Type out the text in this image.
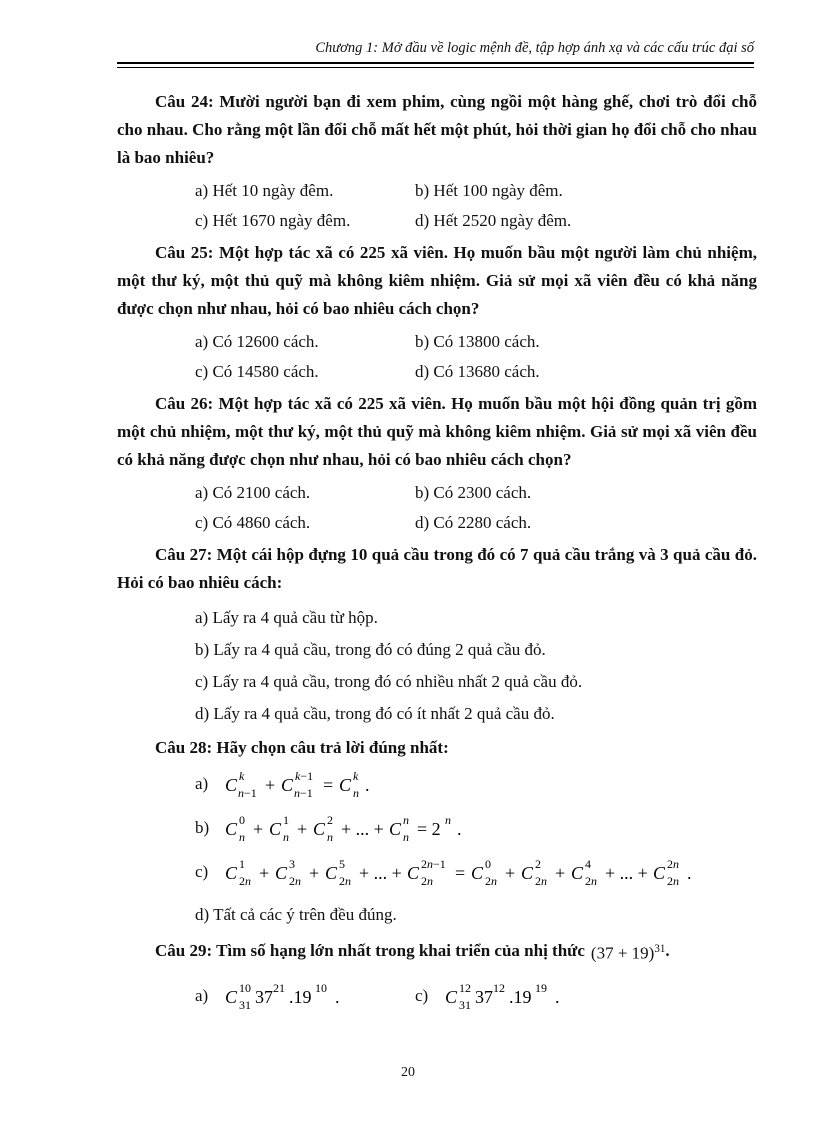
Chương 1: Mở đầu về logic mệnh đề, tập hợp ánh xạ và các cấu trúc đại số

Câu 24: Mười người bạn đi xem phim, cùng ngồi một hàng ghế, chơi trò đổi chỗ cho nhau. Cho rằng một lần đổi chỗ mất hết một phút, hỏi thời gian họ đổi chỗ cho nhau là bao nhiêu?

a) Hết 10 ngày đêm.	b) Hết 100 ngày đêm.
c) Hết 1670 ngày đêm.	d) Hết 2520 ngày đêm.

Câu 25: Một hợp tác xã có 225 xã viên. Họ muốn bầu một người làm chủ nhiệm, một thư ký, một thủ quỹ mà không kiêm nhiệm. Giả sử mọi xã viên đều có khả năng được chọn như nhau, hỏi có bao nhiêu cách chọn?

a) Có 12600 cách.	b) Có 13800 cách.
c) Có 14580 cách.	d) Có 13680 cách.

Câu 26: Một hợp tác xã có 225 xã viên. Họ muốn bầu một hội đồng quản trị gồm một chủ nhiệm, một thư ký, một thủ quỹ mà không kiêm nhiệm. Giả sử mọi xã viên đều có khả năng được chọn như nhau, hỏi có bao nhiêu cách chọn?

a) Có 2100 cách.	b) Có 2300 cách.
c) Có 4860 cách.	d) Có 2280 cách.

Câu 27: Một cái hộp đựng 10 quả cầu trong đó có 7 quả cầu trắng và 3 quả cầu đỏ. Hỏi có bao nhiêu cách:

a) Lấy ra 4 quả cầu từ hộp.
b) Lấy ra 4 quả cầu, trong đó có đúng 2 quả cầu đỏ.
c) Lấy ra 4 quả cầu, trong đó có nhiều nhất 2 quả cầu đỏ.
d) Lấy ra 4 quả cầu, trong đó có ít nhất 2 quả cầu đỏ.

Câu 28: Hãy chọn câu trả lời đúng nhất:

a) C k
n−1 + C k−1
n−1 = C k
n .
b) C 0
n + C 1
n + C 2
n + ... + C n
n = 2 n .
c) C 1
2n + C 3
2n + C 5
2n + ... + C 2n−1
2n = C 0
2n + C 2
2n + C 4
2n + ... + C 2n
2n .
d) Tất cả các ý trên đều đúng.
Câu 29: Tìm số hạng lớn nhất trong khai triển của nhị thức $(37 + 19)^{31}$ .
a) C 10
31 37 21 .19 10 .	c) C 12
31 37 12 .19 19 .
20
